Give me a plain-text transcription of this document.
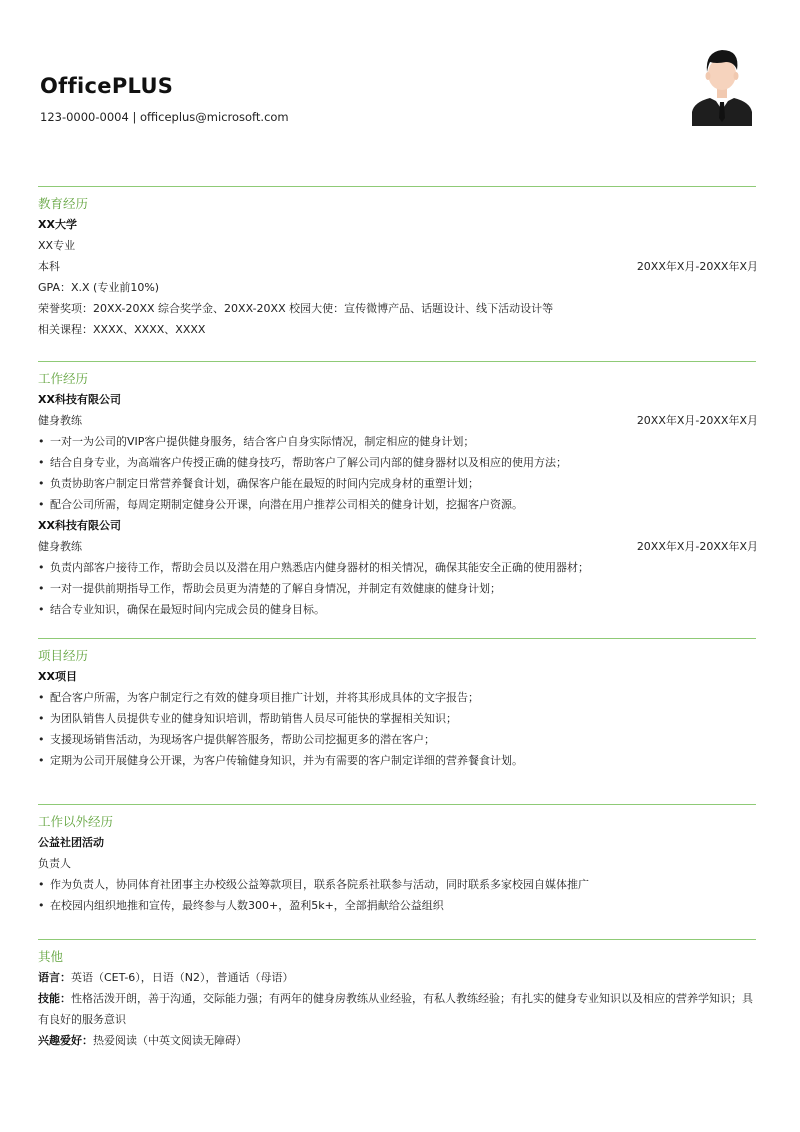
OfficePLUS
123-0000-0004 | officeplus@microsoft.com
教育经历
XX大学
XX专业
本科	20XX年X月-20XX年X月
GPA：X.X (专业前10%)
荣誉奖项：20XX-20XX 综合奖学金、20XX-20XX 校园大使：宣传微博产品、话题设计、线下活动设计等
相关课程：XXXX、XXXX、XXXX
工作经历
XX科技有限公司
健身教练	20XX年X月-20XX年X月
• 一对一为公司的VIP客户提供健身服务，结合客户自身实际情况，制定相应的健身计划；
• 结合自身专业，为高端客户传授正确的健身技巧，帮助客户了解公司内部的健身器材以及相应的使用方法；
• 负责协助客户制定日常营养餐食计划，确保客户能在最短的时间内完成身材的重塑计划；
• 配合公司所需，每周定期制定健身公开课，向潜在用户推荐公司相关的健身计划，挖掘客户资源。
XX科技有限公司
健身教练	20XX年X月-20XX年X月
• 负责内部客户接待工作，帮助会员以及潜在用户熟悉店内健身器材的相关情况，确保其能安全正确的使用器材；
• 一对一提供前期指导工作，帮助会员更为清楚的了解自身情况，并制定有效健康的健身计划；
• 结合专业知识，确保在最短时间内完成会员的健身目标。
项目经历
XX项目
• 配合客户所需，为客户制定行之有效的健身项目推广计划，并将其形成具体的文字报告；
• 为团队销售人员提供专业的健身知识培训，帮助销售人员尽可能快的掌握相关知识；
• 支援现场销售活动，为现场客户提供解答服务，帮助公司挖掘更多的潜在客户；
• 定期为公司开展健身公开课，为客户传输健身知识，并为有需要的客户制定详细的营养餐食计划。
工作以外经历
公益社团活动
负责人
• 作为负责人，协同体育社团事主办校级公益筹款项目，联系各院系社联参与活动，同时联系多家校园自媒体推广
• 在校园内组织地推和宣传，最终参与人数300+，盈利5k+，全部捐献给公益组织
其他
语言：英语（CET-6），日语（N2），普通话（母语）
技能：性格活泼开朗，善于沟通，交际能力强；有两年的健身房教练从业经验，有私人教练经验；有扎实的健身专业知识以及相应的营养学知识；具有良好的服务意识
兴趣爱好：热爱阅读（中英文阅读无障碍）
